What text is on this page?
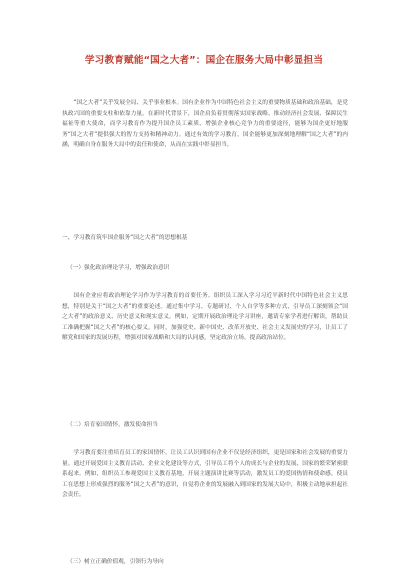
学习教育赋能“国之大者”：国企在服务大局中彰显担当

“国之大者”关乎发展全局、关乎事业根本。国有企业作为中国特色社会主义的重要物质基础和政治基础，是党执政兴国的重要支柱和依靠力量。在新时代背景下，国企肩负着贯彻落实国家战略、推动经济社会发展、保障民生福祉等重大使命，而学习教育作为提升国企员工素质、增强企业核心竞争力的重要途径，能够为国企更好地服务“国之大者”提供强大的智力支持和精神动力。通过有效的学习教育，国企能够更加深刻地理解“国之大者”的内涵，明确自身在服务大局中的责任和使命，从而在实践中彰显担当。

一、学习教育筑牢国企服务“国之大者”的思想根基

（一）强化政治理论学习，增强政治意识

国有企业应将政治理论学习作为学习教育的首要任务。组织员工深入学习习近平新时代中国特色社会主义思想，特别是关于“国之大者”的重要论述。通过集中学习、专题研讨、个人自学等多种方式，引导员工深刻领会“国之大者”的政治意义、历史意义和现实意义。例如，定期开展政治理论学习讲座，邀请专家学者进行解读，帮助员工准确把握“国之大者”的核心要义。同时，加强党史、新中国史、改革开放史、社会主义发展史的学习，让员工了解党和国家的发展历程，增强对国家战略和大局的认同感，坚定政治立场，提高政治站位。

（二）培育家国情怀，激发使命担当

学习教育要注重培育员工的家国情怀，让员工认识到国有企业不仅是经济组织，更是国家和社会发展的重要力量。通过开展爱国主义教育活动、企业文化建设等方式，引导员工将个人的成长与企业的发展、国家的繁荣紧密联系起来。例如，组织员工参观爱国主义教育基地，开展主题演讲比赛等活动，激发员工的爱国热情和使命感。使员工在思想上形成强烈的服务“国之大者”的意识，自觉将企业的发展融入到国家的发展大局中，积极主动地承担起社会责任。

（三）树立正确价值观，引领行为导向
